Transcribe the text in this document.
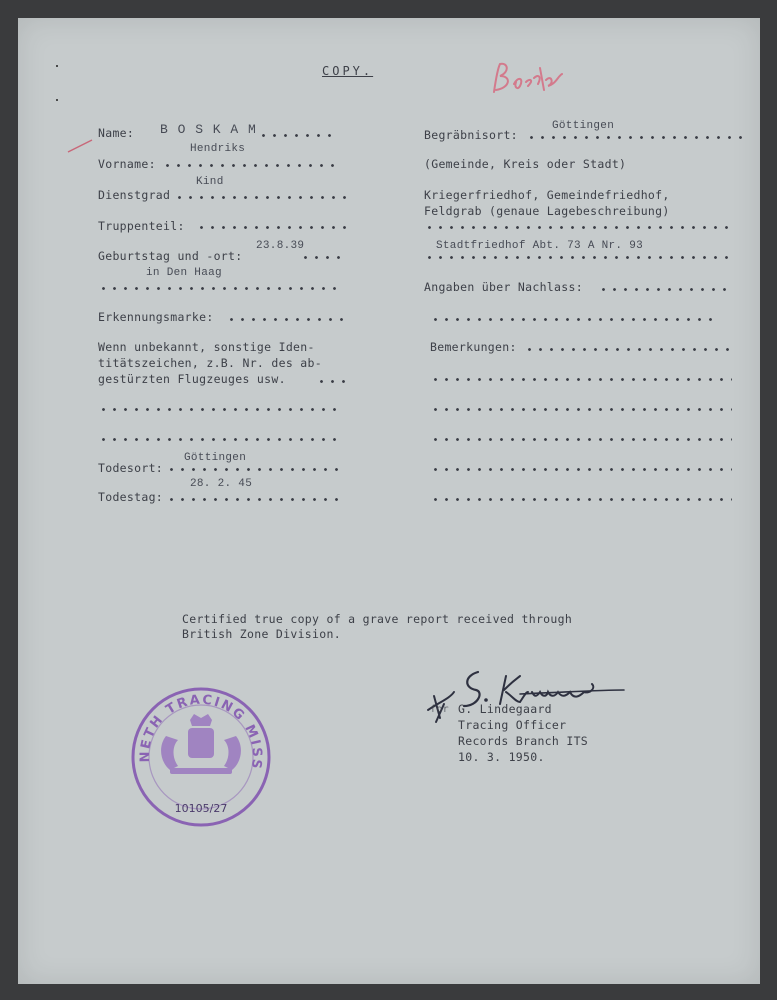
COPY.
Name: B O S K A M
Hendriks
Vorname:
Kind
Dienstgrad
Truppenteil:
Geburtstag und -ort:
23.8.39
in Den Haag
Erkennungsmarke:
Wenn unbekannt, sonstige Iden-
titätszeichen, z.B. Nr. des ab-
gestürzten Flugzeuges usw.
Göttingen
Todesort:
28. 2. 45
Todestag:
Göttingen
Begräbnisort:
(Gemeinde, Kreis oder Stadt)
Kriegerfriedhof, Gemeindefriedhof,
Feldgrab (genaue Lagebeschreibung)
Stadtfriedhof Abt. 73 A Nr. 93
Angaben über Nachlass:
Bemerkungen:
Certified true copy of a grave report received through
British Zone Division.
for G. Lindegaard
Tracing Officer
Records Branch ITS
10. 3. 1950.
NETH TRACING MISS
10105/27
